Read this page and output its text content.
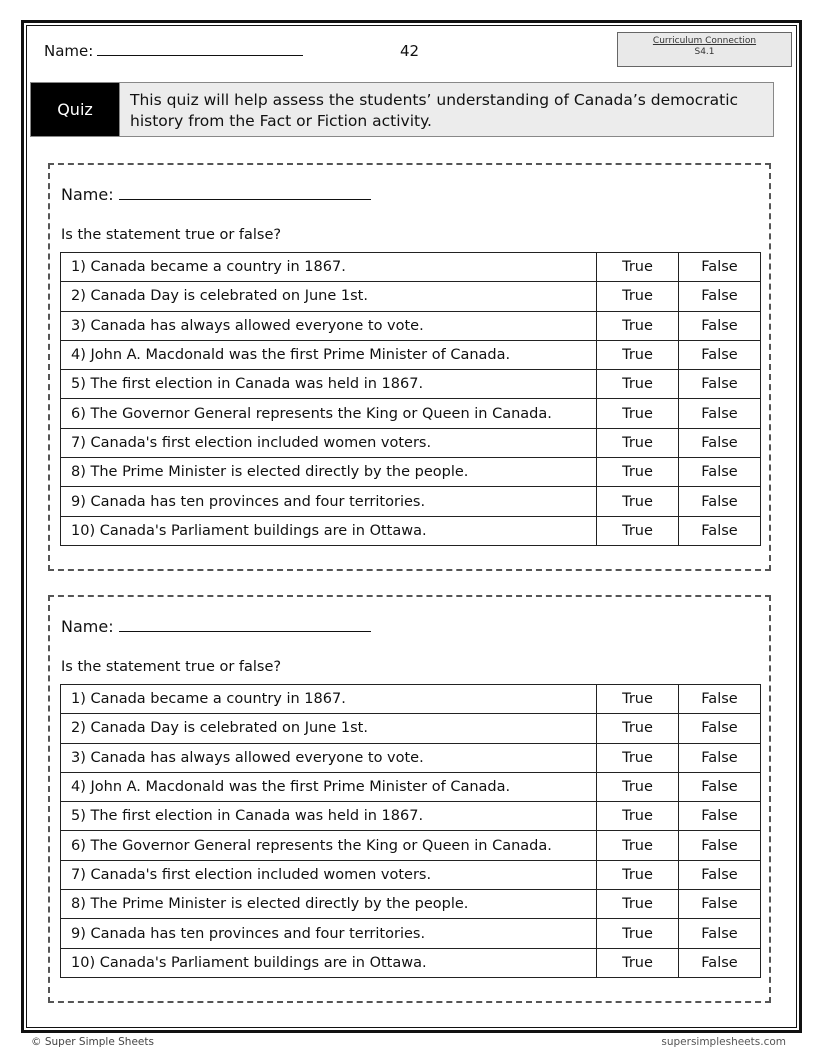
Name:	42
Curriculum Connection
S4.1
Quiz	This quiz will help assess the students’ understanding of Canada’s democratic history from the Fact or Fiction activity.
Name:
Is the statement true or false?
1) Canada became a country in 1867.	True	False
2) Canada Day is celebrated on June 1st.	True	False
3) Canada has always allowed everyone to vote.	True	False
4) John A. Macdonald was the first Prime Minister of Canada.	True	False
5) The first election in Canada was held in 1867.	True	False
6) The Governor General represents the King or Queen in Canada.	True	False
7) Canada's first election included women voters.	True	False
8) The Prime Minister is elected directly by the people.	True	False
9) Canada has ten provinces and four territories.	True	False
10) Canada's Parliament buildings are in Ottawa.	True	False
Name:
Is the statement true or false?
1) Canada became a country in 1867.	True	False
2) Canada Day is celebrated on June 1st.	True	False
3) Canada has always allowed everyone to vote.	True	False
4) John A. Macdonald was the first Prime Minister of Canada.	True	False
5) The first election in Canada was held in 1867.	True	False
6) The Governor General represents the King or Queen in Canada.	True	False
7) Canada's first election included women voters.	True	False
8) The Prime Minister is elected directly by the people.	True	False
9) Canada has ten provinces and four territories.	True	False
10) Canada's Parliament buildings are in Ottawa.	True	False
© Super Simple Sheets	supersimplesheets.com
